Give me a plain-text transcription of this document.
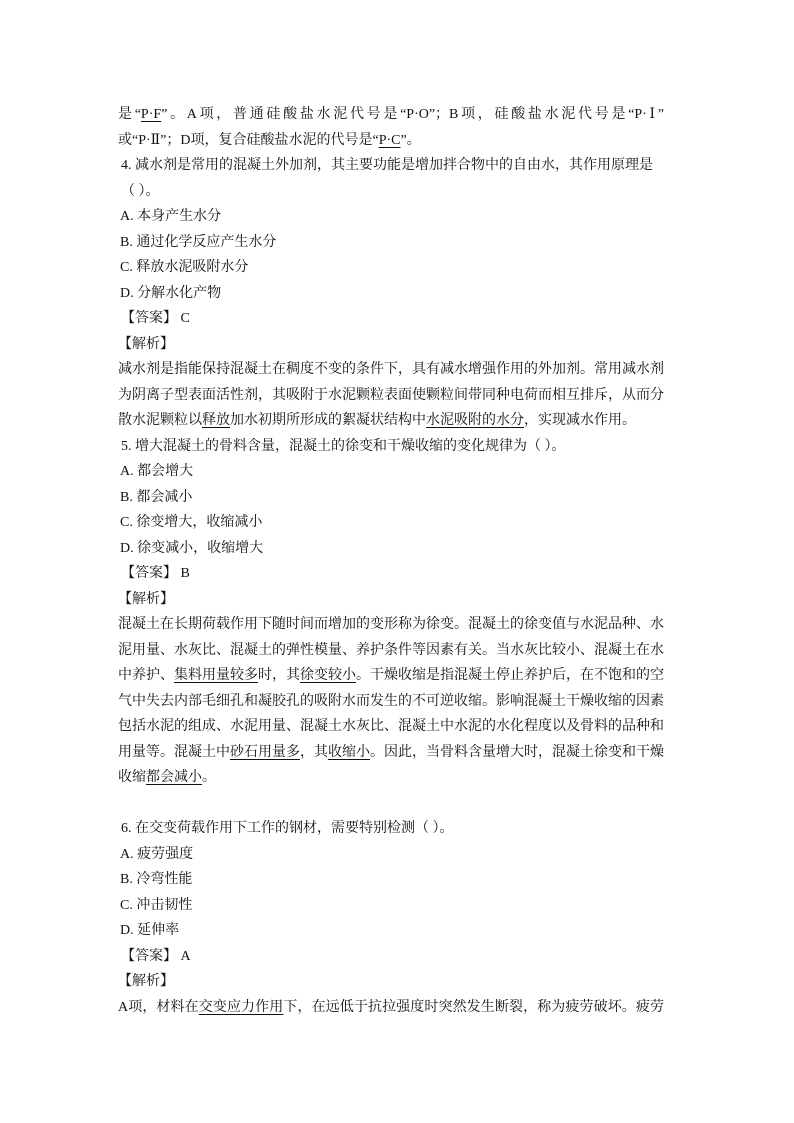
是“P·F”。A项，普通硅酸盐水泥代号是“P·O”；B项，硅酸盐水泥代号是“P·Ⅰ”
或“P·Ⅱ”；D项，复合硅酸盐水泥的代号是“P·C”。
4. 减水剂是常用的混凝土外加剂，其主要功能是增加拌合物中的自由水，其作用原理是
（ ）。
A. 本身产生水分
B. 通过化学反应产生水分
C. 释放水泥吸附水分
D. 分解水化产物
【答案】 C
【解析】
减水剂是指能保持混凝土在稠度不变的条件下，具有减水增强作用的外加剂。常用减水剂
为阴离子型表面活性剂，其吸附于水泥颗粒表面使颗粒间带同种电荷而相互排斥，从而分
散水泥颗粒以释放加水初期所形成的絮凝状结构中水泥吸附的水分，实现减水作用。
5. 增大混凝土的骨料含量，混凝土的徐变和干燥收缩的变化规律为（ ）。
A. 都会增大
B. 都会减小
C. 徐变增大，收缩减小
D. 徐变减小，收缩增大
【答案】 B
【解析】
混凝土在长期荷载作用下随时间而增加的变形称为徐变。混凝土的徐变值与水泥品种、水
泥用量、水灰比、混凝土的弹性模量、养护条件等因素有关。当水灰比较小、混凝土在水
中养护、集料用量较多时，其徐变较小。干燥收缩是指混凝土停止养护后，在不饱和的空
气中失去内部毛细孔和凝胶孔的吸附水而发生的不可逆收缩。影响混凝土干燥收缩的因素
包括水泥的组成、水泥用量、混凝土水灰比、混凝土中水泥的水化程度以及骨料的品种和
用量等。混凝土中砂石用量多，其收缩小。因此，当骨料含量增大时，混凝土徐变和干燥
收缩都会减小。
6. 在交变荷载作用下工作的钢材，需要特别检测（ ）。
A. 疲劳强度
B. 冷弯性能
C. 冲击韧性
D. 延伸率
【答案】 A
【解析】
A项，材料在交变应力作用下，在远低于抗拉强度时突然发生断裂，称为疲劳破坏。疲劳
